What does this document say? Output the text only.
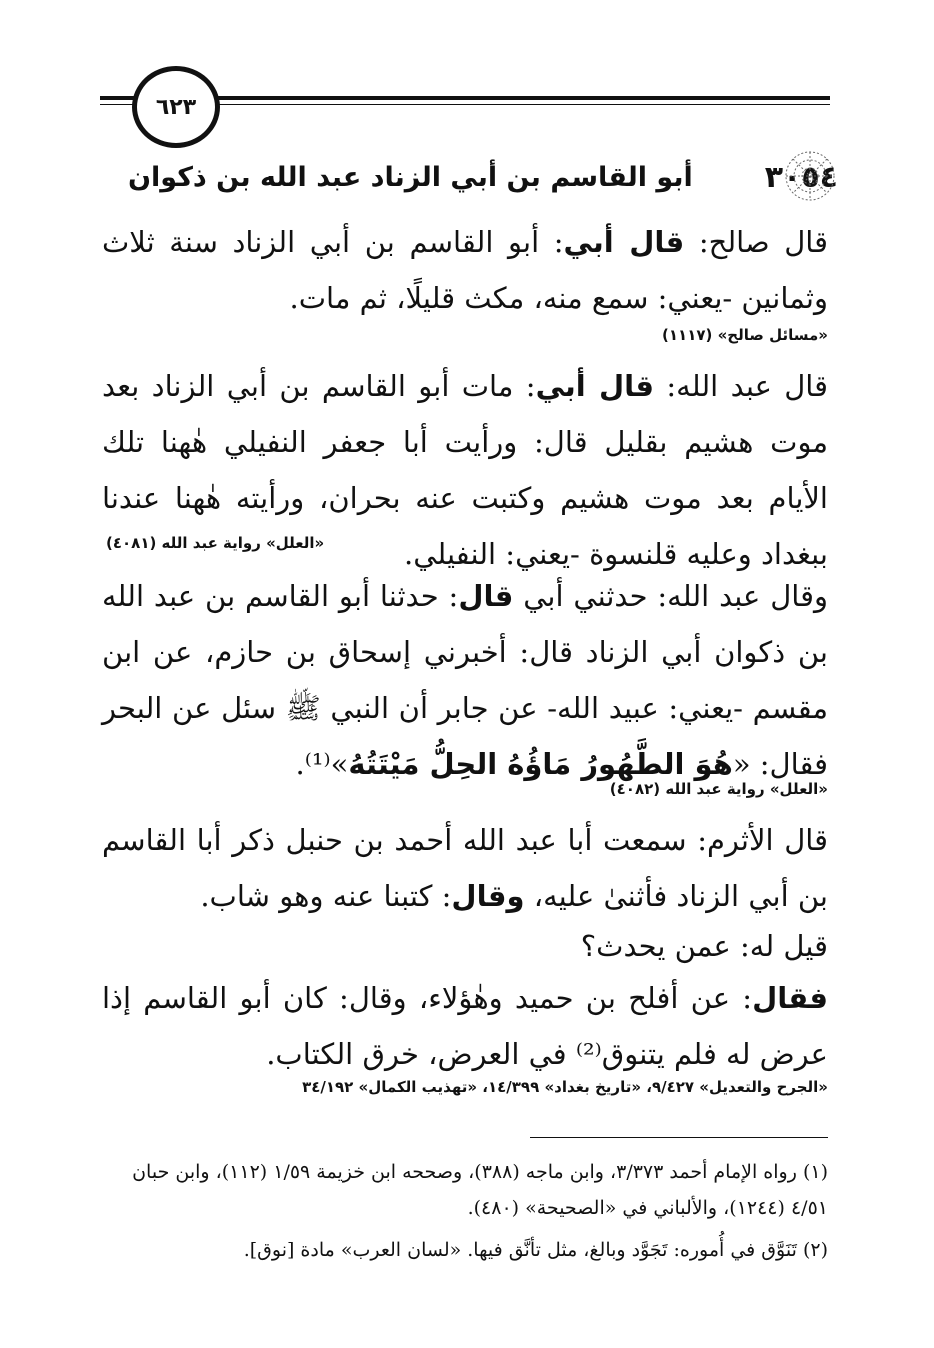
٦٢٣
٣٠٥٤
أبو القاسم بن أبي الزناد عبد الله بن ذكوان

قال صالح: قال أبي: أبو القاسم بن أبي الزناد سنة ثلاث وثمانين -يعني: سمع منه، مكث قليلًا، ثم مات.

«مسائل صالح» (١١١٧)

قال عبد الله: قال أبي: مات أبو القاسم بن أبي الزناد بعد موت هشيم بقليل قال: ورأيت أبا جعفر النفيلي هٰهنا تلك الأيام بعد موت هشيم وكتبت عنه بحران، ورأيته هٰهنا عندنا ببغداد وعليه قلنسوة -يعني: النفيلي.

«العلل» رواية عبد الله (٤٠٨١)

وقال عبد الله: حدثني أبي قال: حدثنا أبو القاسم بن عبد الله بن ذكوان أبي الزناد قال: أخبرني إسحاق بن حازم، عن ابن مقسم -يعني: عبيد الله- عن جابر أن النبي ﷺ سئل عن البحر فقال: «هُوَ الطَّهُورُ مَاؤُهُ الحِلُّ مَيْتَتُهُ»⁽¹⁾.

«العلل» رواية عبد الله (٤٠٨٢)

قال الأثرم: سمعت أبا عبد الله أحمد بن حنبل ذكر أبا القاسم بن أبي الزناد فأثنىٰ عليه، وقال: كتبنا عنه وهو شاب.

قيل له: عمن يحدث؟

فقال: عن أفلح بن حميد وهٰؤلاء، وقال: كان أبو القاسم إذا عرض له فلم يتنوق⁽²⁾ في العرض، خرق الكتاب.

«الجرح والتعديل» ٩/٤٢٧، «تاريخ بغداد» ١٤/٣٩٩، «تهذيب الكمال» ٣٤/١٩٢

(١) رواه الإمام أحمد ٣/٣٧٣، وابن ماجه (٣٨٨)، وصححه ابن خزيمة ١/٥٩ (١١٢)، وابن حبان ٤/٥١ (١٢٤٤)، والألباني في «الصحيحة» (٤٨٠).

(٢) تَنَوَّق في أُموره: تَجَوَّد وبالغ، مثل تأنَّق فيها. «لسان العرب» مادة [نوق].
